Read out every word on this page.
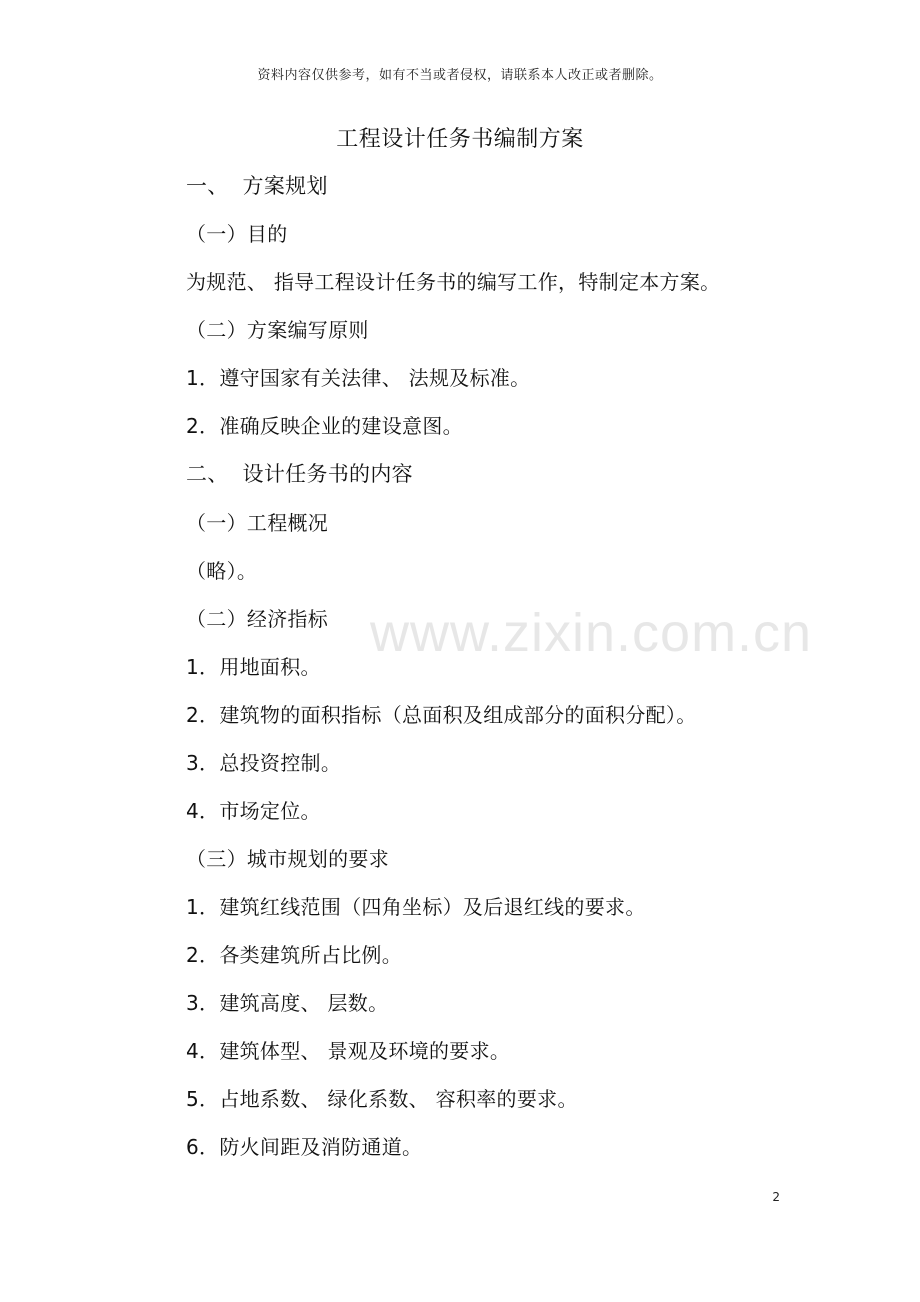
资料内容仅供参考，如有不当或者侵权，请联系本人改正或者删除。
工程设计任务书编制方案
www.zixin.com.cn
一、  方案规划
（一）目的
为规范、 指导工程设计任务书的编写工作，特制定本方案。
（二）方案编写原则
1．遵守国家有关法律、 法规及标准。
2．准确反映企业的建设意图。
二、  设计任务书的内容
（一）工程概况
（略）。
（二）经济指标
1．用地面积。
2．建筑物的面积指标（总面积及组成部分的面积分配）。
3．总投资控制。
4．市场定位。
（三）城市规划的要求
1．建筑红线范围（四角坐标）及后退红线的要求。
2．各类建筑所占比例。
3．建筑高度、 层数。
4．建筑体型、 景观及环境的要求。
5．占地系数、 绿化系数、 容积率的要求。
6．防火间距及消防通道。
2
